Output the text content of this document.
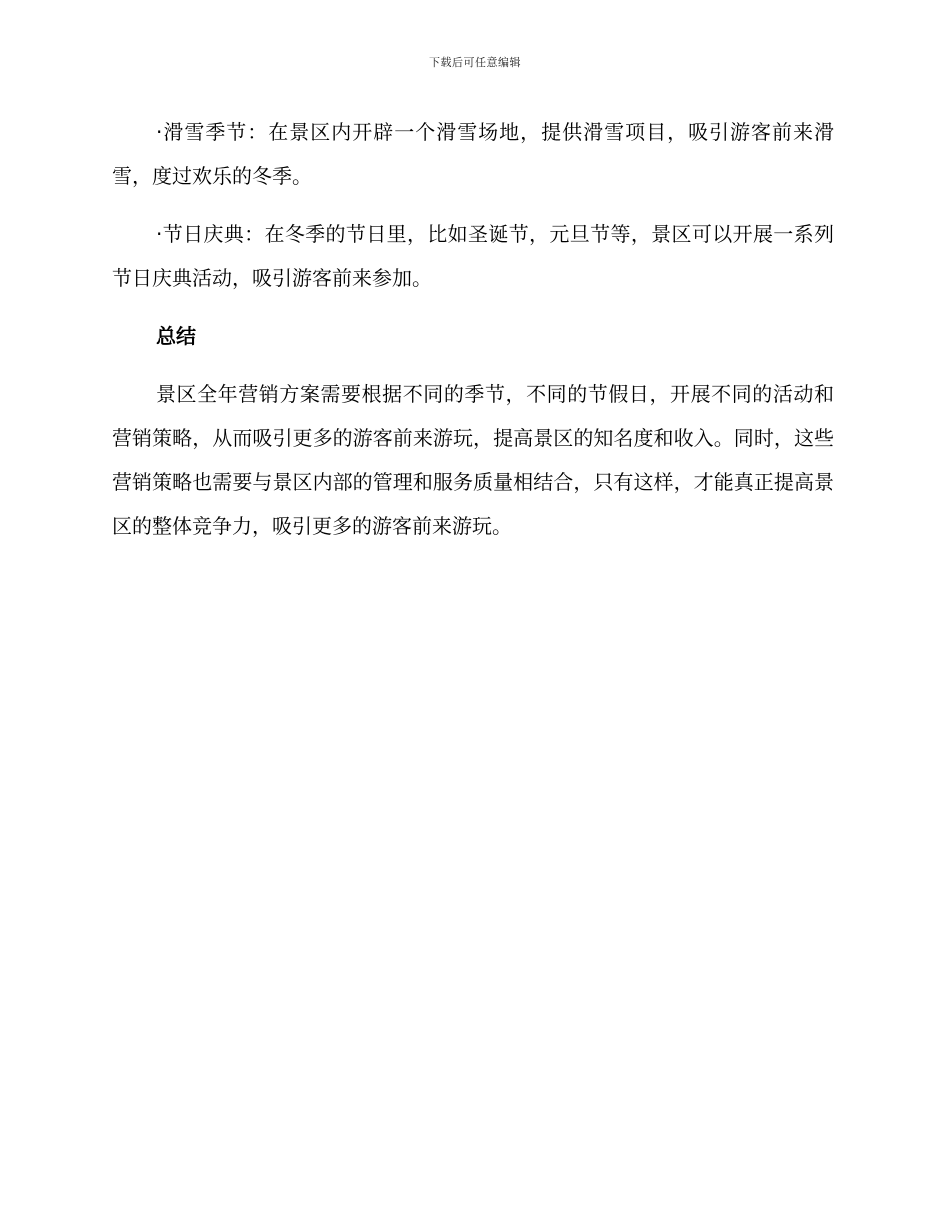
下载后可任意编辑

·滑雪季节：在景区内开辟一个滑雪场地，提供滑雪项目，吸引游客前来滑雪，度过欢乐的冬季。

·节日庆典：在冬季的节日里，比如圣诞节，元旦节等，景区可以开展一系列节日庆典活动，吸引游客前来参加。

总结

景区全年营销方案需要根据不同的季节，不同的节假日，开展不同的活动和营销策略，从而吸引更多的游客前来游玩，提高景区的知名度和收入。同时，这些营销策略也需要与景区内部的管理和服务质量相结合，只有这样，才能真正提高景区的整体竞争力，吸引更多的游客前来游玩。
